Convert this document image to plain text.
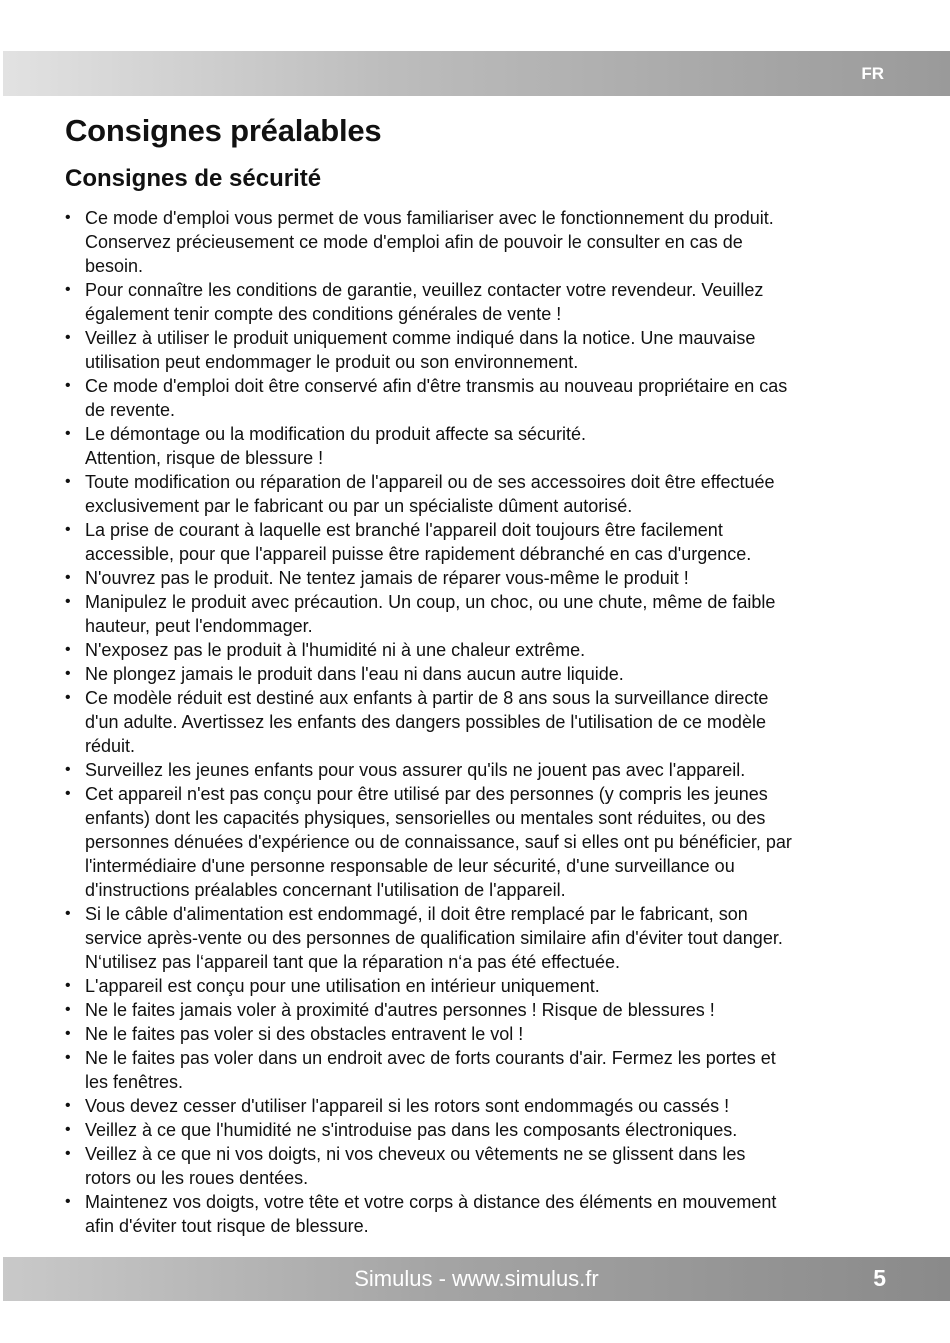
FR
Consignes préalables
Consignes de sécurité
• Ce mode d'emploi vous permet de vous familiariser avec le fonctionnement du produit.
Conservez précieusement ce mode d'emploi afin de pouvoir le consulter en cas de
besoin.
• Pour connaître les conditions de garantie, veuillez contacter votre revendeur. Veuillez
également tenir compte des conditions générales de vente !
• Veillez à utiliser le produit uniquement comme indiqué dans la notice. Une mauvaise
utilisation peut endommager le produit ou son environnement.
• Ce mode d'emploi doit être conservé afin d'être transmis au nouveau propriétaire en cas
de revente.
• Le démontage ou la modification du produit affecte sa sécurité.
Attention, risque de blessure !
• Toute modification ou réparation de l'appareil ou de ses accessoires doit être effectuée
exclusivement par le fabricant ou par un spécialiste dûment autorisé.
• La prise de courant à laquelle est branché l'appareil doit toujours être facilement
accessible, pour que l'appareil puisse être rapidement débranché en cas d'urgence.
• N'ouvrez pas le produit. Ne tentez jamais de réparer vous-même le produit !
• Manipulez le produit avec précaution. Un coup, un choc, ou une chute, même de faible
hauteur, peut l'endommager.
• N'exposez pas le produit à l'humidité ni à une chaleur extrême.
• Ne plongez jamais le produit dans l'eau ni dans aucun autre liquide.
• Ce modèle réduit est destiné aux enfants à partir de 8 ans sous la surveillance directe
d'un adulte. Avertissez les enfants des dangers possibles de l'utilisation de ce modèle
réduit.
• Surveillez les jeunes enfants pour vous assurer qu'ils ne jouent pas avec l'appareil.
• Cet appareil n'est pas conçu pour être utilisé par des personnes (y compris les jeunes
enfants) dont les capacités physiques, sensorielles ou mentales sont réduites, ou des
personnes dénuées d'expérience ou de connaissance, sauf si elles ont pu bénéficier, par
l'intermédiaire d'une personne responsable de leur sécurité, d'une surveillance ou
d'instructions préalables concernant l'utilisation de l'appareil.
• Si le câble d'alimentation est endommagé, il doit être remplacé par le fabricant, son
service après-vente ou des personnes de qualification similaire afin d'éviter tout danger.
N‘utilisez pas l‘appareil tant que la réparation n‘a pas été effectuée.
• L'appareil est conçu pour une utilisation en intérieur uniquement.
• Ne le faites jamais voler à proximité d'autres personnes ! Risque de blessures !
• Ne le faites pas voler si des obstacles entravent le vol !
• Ne le faites pas voler dans un endroit avec de forts courants d'air. Fermez les portes et
les fenêtres.
• Vous devez cesser d'utiliser l'appareil si les rotors sont endommagés ou cassés !
• Veillez à ce que l'humidité ne s'introduise pas dans les composants électroniques.
• Veillez à ce que ni vos doigts, ni vos cheveux ou vêtements ne se glissent dans les
rotors ou les roues dentées.
• Maintenez vos doigts, votre tête et votre corps à distance des éléments en mouvement
afin d'éviter tout risque de blessure.
Simulus - www.simulus.fr	5
